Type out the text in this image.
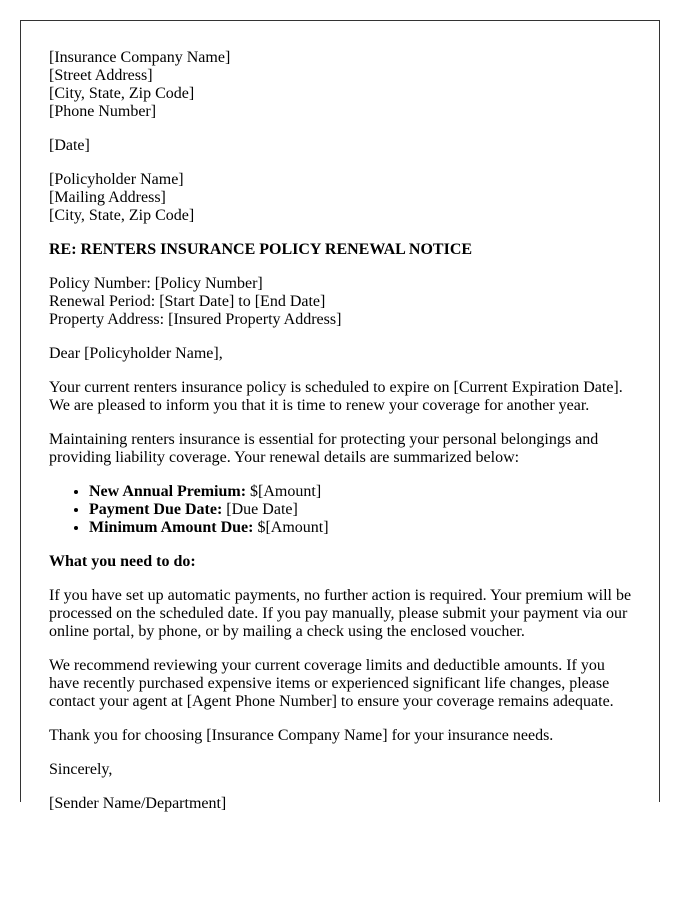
[Insurance Company Name]
[Street Address]
[City, State, Zip Code]
[Phone Number]

[Date]

[Policyholder Name]
[Mailing Address]
[City, State, Zip Code]

RE: RENTERS INSURANCE POLICY RENEWAL NOTICE

Policy Number: [Policy Number]
Renewal Period: [Start Date] to [End Date]
Property Address: [Insured Property Address]

Dear [Policyholder Name],

Your current renters insurance policy is scheduled to expire on [Current Expiration Date]. We are pleased to inform you that it is time to renew your coverage for another year.

Maintaining renters insurance is essential for protecting your personal belongings and providing liability coverage. Your renewal details are summarized below:

• New Annual Premium: $[Amount]
• Payment Due Date: [Due Date]
• Minimum Amount Due: $[Amount]

What you need to do:

If you have set up automatic payments, no further action is required. Your premium will be processed on the scheduled date. If you pay manually, please submit your payment via our online portal, by phone, or by mailing a check using the enclosed voucher.

We recommend reviewing your current coverage limits and deductible amounts. If you have recently purchased expensive items or experienced significant life changes, please contact your agent at [Agent Phone Number] to ensure your coverage remains adequate.

Thank you for choosing [Insurance Company Name] for your insurance needs.

Sincerely,

[Sender Name/Department]
